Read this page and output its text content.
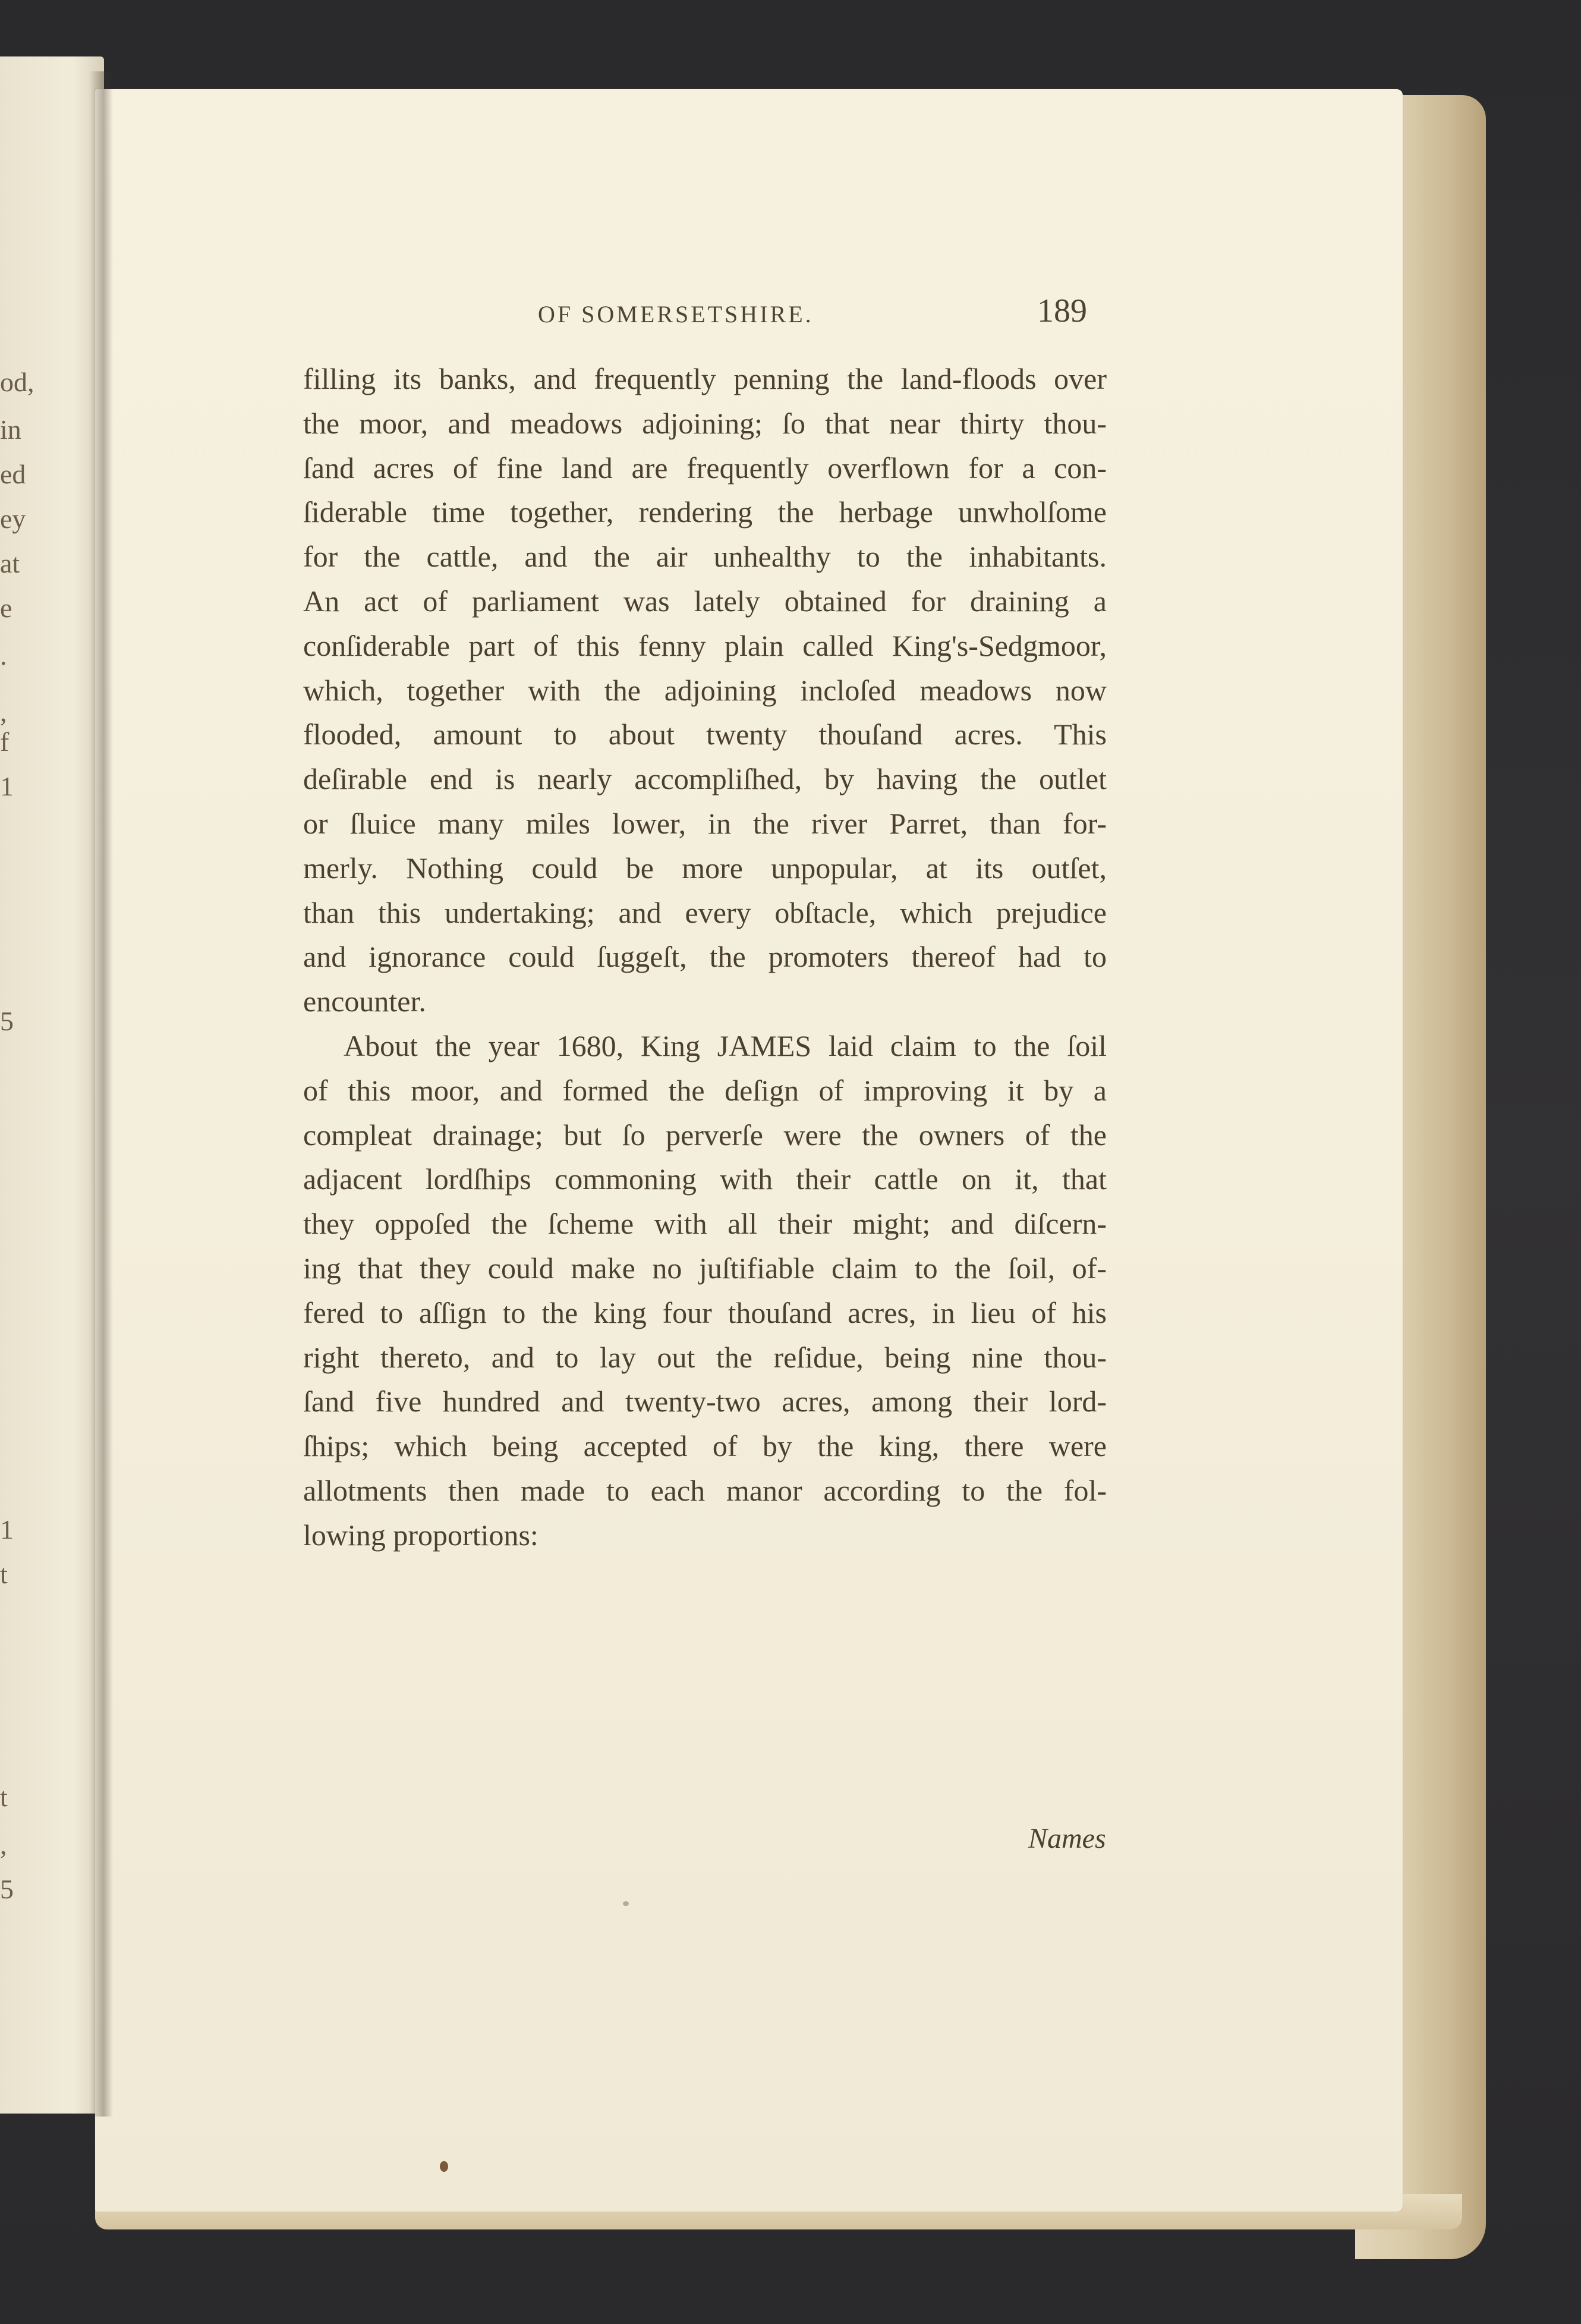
od,
in
ed
ey
at
e
.
,
f
1
5
1
t
t
,
5
OF SOMERSETSHIRE.	189
filling its banks, and frequently penning the land-floods over
the moor, and meadows adjoining; ſo that near thirty thou-
ſand acres of fine land are frequently overflown for a con-
ſiderable time together, rendering the herbage unwholſome
for the cattle, and the air unhealthy to the inhabitants.
An act of parliament was lately obtained for draining a
conſiderable part of this fenny plain called King's-Sedgmoor,
which, together with the adjoining incloſed meadows now
flooded, amount to about twenty thouſand acres. This
deſirable end is nearly accompliſhed, by having the outlet
or ſluice many miles lower, in the river Parret, than for-
merly. Nothing could be more unpopular, at its outſet,
than this undertaking; and every obſtacle, which prejudice
and ignorance could ſuggeſt, the promoters thereof had to
encounter.
About the year 1680, King JAMES laid claim to the ſoil
of this moor, and formed the deſign of improving it by a
compleat drainage; but ſo perverſe were the owners of the
adjacent lordſhips commoning with their cattle on it, that
they oppoſed the ſcheme with all their might; and diſcern-
ing that they could make no juſtifiable claim to the ſoil, of-
fered to aſſign to the king four thouſand acres, in lieu of his
right thereto, and to lay out the reſidue, being nine thou-
ſand five hundred and twenty-two acres, among their lord-
ſhips; which being accepted of by the king, there were
allotments then made to each manor according to the fol-
lowing proportions:
Names
